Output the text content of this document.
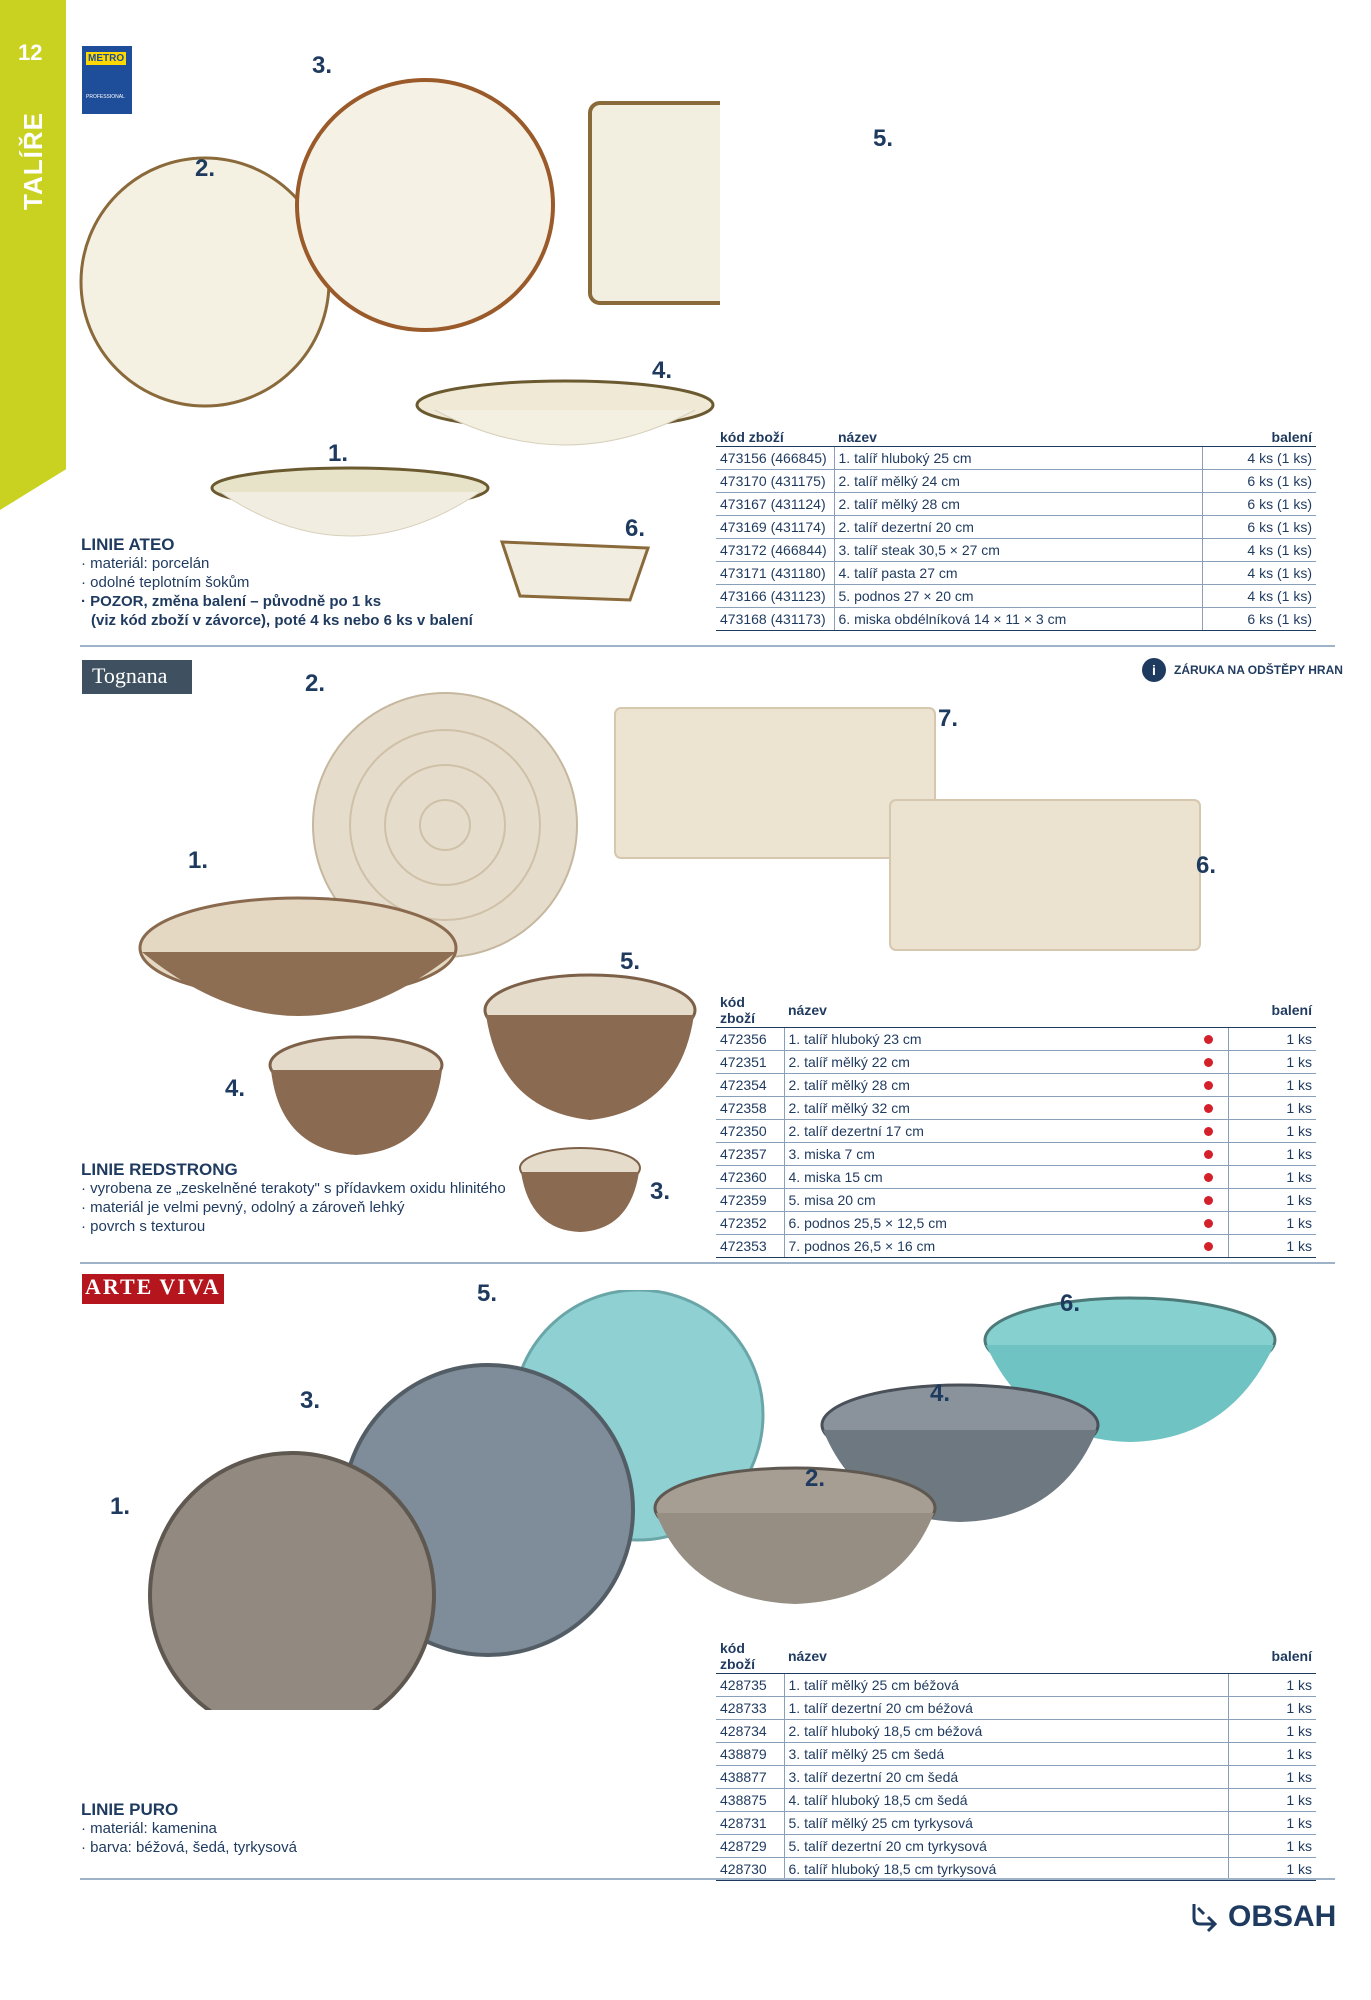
12
TALÍŘE
METRO
PROFESSIONAL
Tognana
ARTE VIVA
3.
2.
5.
4.
1.
6.
LINIE ATEO
· materiál: porcelán
· odolné teplotním šokům
· POZOR, změna balení – původně po 1 ks
(viz kód zboží v závorce), poté 4 ks nebo 6 ks v balení
kód zboží	název	balení
473156 (466845)	1. talíř hluboký 25 cm	4 ks (1 ks)
473170 (431175)	2. talíř mělký 24 cm	6 ks (1 ks)
473167 (431124)	2. talíř mělký 28 cm	6 ks (1 ks)
473169 (431174)	2. talíř dezertní 20 cm	6 ks (1 ks)
473172 (466844)	3. talíř steak 30,5 × 27 cm	4 ks (1 ks)
473171 (431180)	4. talíř pasta 27 cm	4 ks (1 ks)
473166 (431123)	5. podnos 27 × 20 cm	4 ks (1 ks)
473168 (431173)	6. miska obdélníková 14 × 11 × 3 cm	6 ks (1 ks)
i	ZÁRUKA NA ODŠTĚPY HRAN
2.
7.
6.
1.
5.
4.
3.
LINIE REDSTRONG
· vyrobena ze „zeskelněné terakoty" s přídavkem oxidu hlinitého
· materiál je velmi pevný, odolný a zároveň lehký
· povrch s texturou
kód zboží	název		balení
472356	1. talíř hluboký 23 cm		1 ks
472351	2. talíř mělký 22 cm		1 ks
472354	2. talíř mělký 28 cm		1 ks
472358	2. talíř mělký 32 cm		1 ks
472350	2. talíř dezertní 17 cm		1 ks
472357	3. miska 7 cm		1 ks
472360	4. miska 15 cm		1 ks
472359	5. misa 20 cm		1 ks
472352	6. podnos 25,5 × 12,5 cm		1 ks
472353	7. podnos 26,5 × 16 cm		1 ks
5.	6.
3.	4.
2.
1.
LINIE PURO
· materiál: kamenina
· barva: béžová, šedá, tyrkysová
kód zboží	název	balení
428735	1. talíř mělký 25 cm béžová	1 ks
428733	1. talíř dezertní 20 cm béžová	1 ks
428734	2. talíř hluboký 18,5 cm béžová	1 ks
438879	3. talíř mělký 25 cm šedá	1 ks
438877	3. talíř dezertní 20 cm šedá	1 ks
438875	4. talíř hluboký 18,5 cm šedá	1 ks
428731	5. talíř mělký 25 cm tyrkysová	1 ks
428729	5. talíř dezertní 20 cm tyrkysová	1 ks
428730	6. talíř hluboký 18,5 cm tyrkysová	1 ks
OBSAH
